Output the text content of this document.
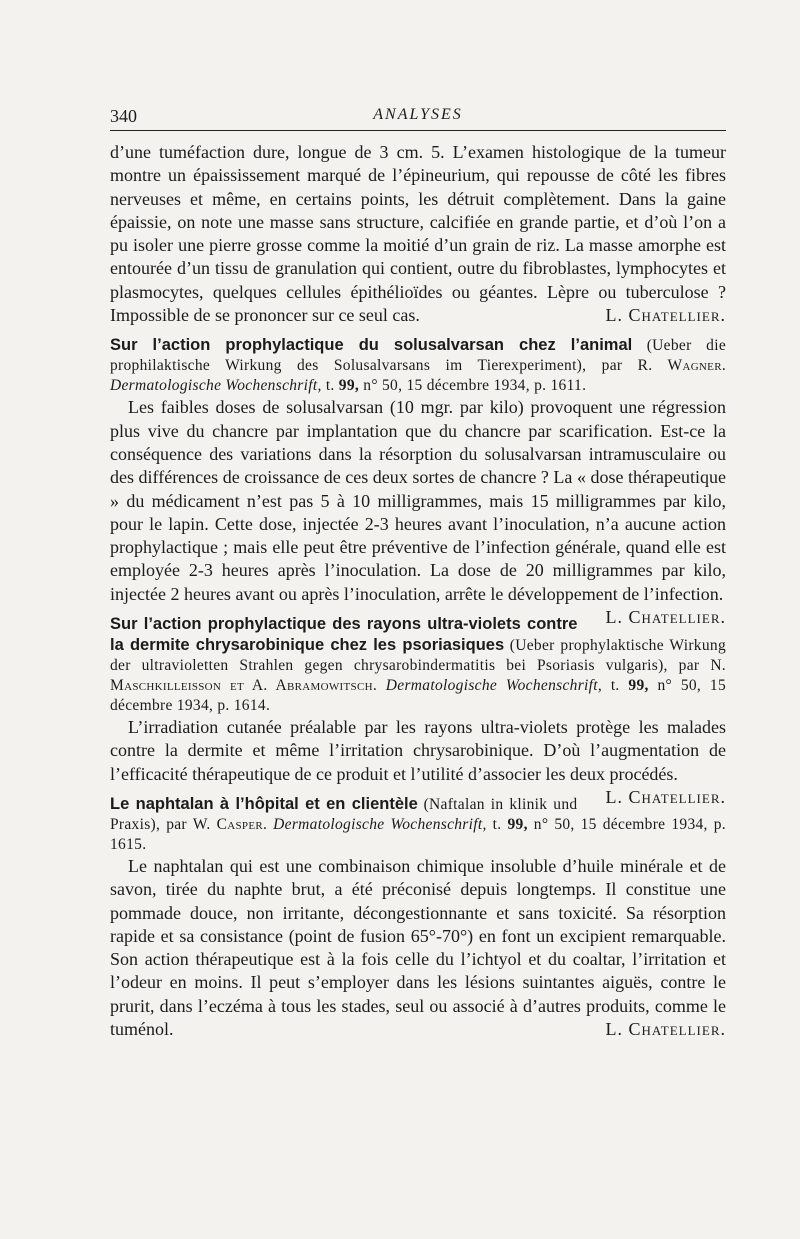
340	ANALYSES

d’une tuméfaction dure, longue de 3 cm. 5. L’examen histologique de la tumeur montre un épaississement marqué de l’épineurium, qui repousse de côté les fibres nerveuses et même, en certains points, les détruit complètement. Dans la gaine épaissie, on note une masse sans structure, calcifiée en grande partie, et d’où l’on a pu isoler une pierre grosse comme la moitié d’un grain de riz. La masse amorphe est entourée d’un tissu de granulation qui contient, outre du fibroblastes, lymphocytes et plasmocytes, quelques cellules épithélioïdes ou géantes. Lèpre ou tuberculose ? Impossible de se prononcer sur ce seul cas.	L. Chatellier.

Sur l’action prophylactique du solusalvarsan chez l’animal (Ueber die prophilaktische Wirkung des Solusalvarsans im Tierexperiment), par R. Wagner. Dermatologische Wochenschrift, t. 99, n° 50, 15 décembre 1934, p. 1611.

Les faibles doses de solusalvarsan (10 mgr. par kilo) provoquent une régression plus vive du chancre par implantation que du chancre par scarification. Est-ce la conséquence des variations dans la résorption du solusalvarsan intramusculaire ou des différences de croissance de ces deux sortes de chancre ? La « dose thérapeutique » du médicament n’est pas 5 à 10 milligrammes, mais 15 milligrammes par kilo, pour le lapin. Cette dose, injectée 2-3 heures avant l’inoculation, n’a aucune action prophylactique ; mais elle peut être préventive de l’infection générale, quand elle est employée 2-3 heures après l’inoculation. La dose de 20 milligrammes par kilo, injectée 2 heures avant ou après l’inoculation, arrête le développement de l’infection.
L. Chatellier.

Sur l’action prophylactique des rayons ultra-violets contre la dermite chrysarobinique chez les psoriasiques (Ueber prophylaktische Wirkung der ultravioletten Strahlen gegen chrysarobindermatitis bei Psoriasis vulgaris), par N. Maschkilleisson et A. Abramowitsch. Dermatologische Wochenschrift, t. 99, n° 50, 15 décembre 1934, p. 1614.

L’irradiation cutanée préalable par les rayons ultra-violets protège les malades contre la dermite et même l’irritation chrysarobinique. D’où l’augmentation de l’efficacité thérapeutique de ce produit et l’utilité d’associer les deux procédés.
L. Chatellier.

Le naphtalan à l’hôpital et en clientèle (Naftalan in klinik und Praxis), par W. Casper. Dermatologische Wochenschrift, t. 99, n° 50, 15 décembre 1934, p. 1615.

Le naphtalan qui est une combinaison chimique insoluble d’huile minérale et de savon, tirée du naphte brut, a été préconisé depuis longtemps. Il constitue une pommade douce, non irritante, décongestionnante et sans toxicité. Sa résorption rapide et sa consistance (point de fusion 65°-70°) en font un excipient remarquable. Son action thérapeutique est à la fois celle du l’ichtyol et du coaltar, l’irritation et l’odeur en moins. Il peut s’employer dans les lésions suintantes aiguës, contre le prurit, dans l’eczéma à tous les stades, seul ou associé à d’autres produits, comme le tuménol.	L. Chatellier.
